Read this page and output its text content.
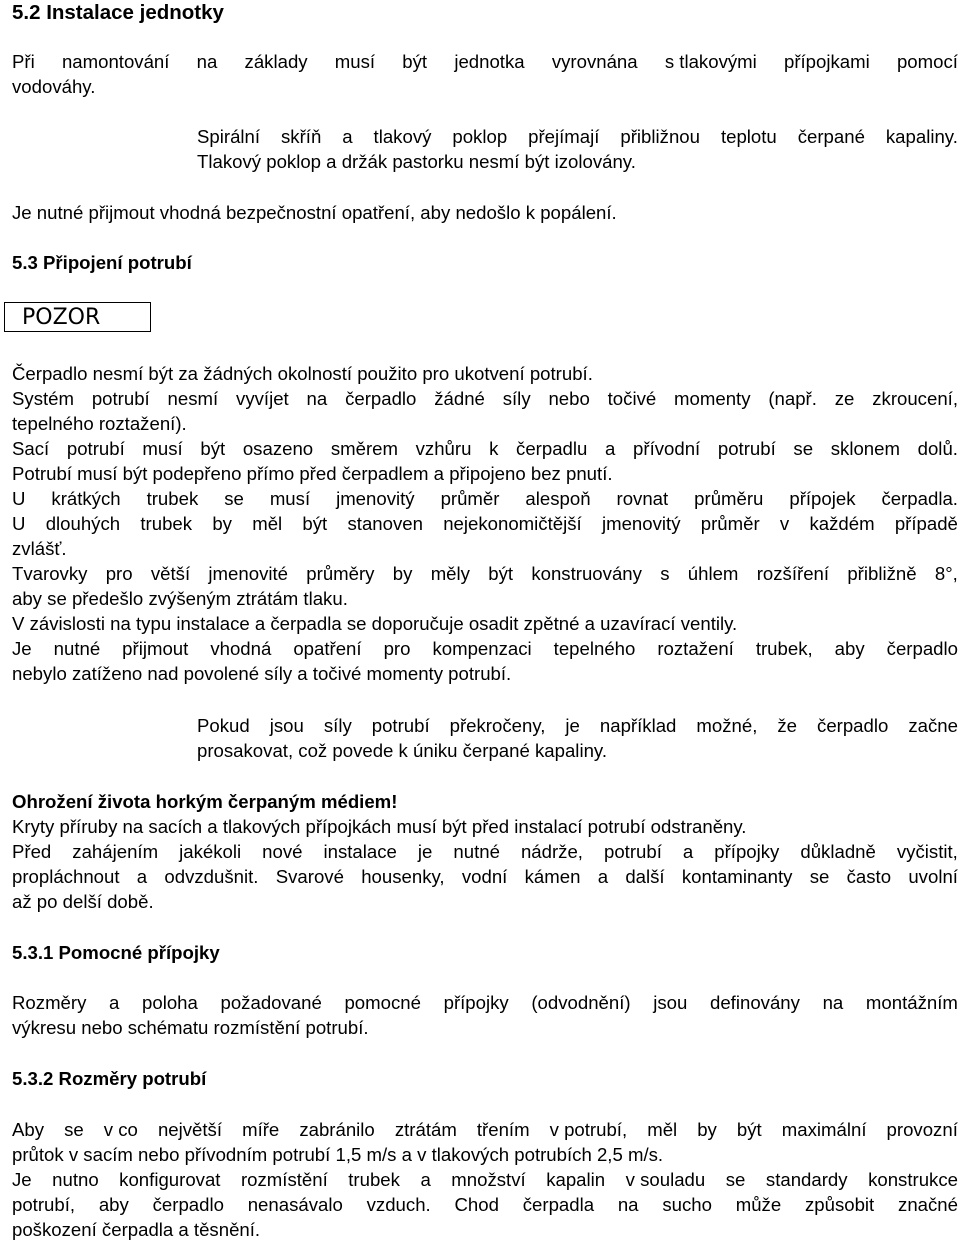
5.2 Instalace jednotky
Při namontování na základy musí být jednotka vyrovnána s tlakovými přípojkami pomocí
vodováhy.
Spirální skříň a tlakový poklop přejímají přibližnou teplotu čerpané kapaliny.
Tlakový poklop a držák pastorku nesmí být izolovány.
Je nutné přijmout vhodná bezpečnostní opatření, aby nedošlo k popálení.
5.3 Připojení potrubí
POZOR
Čerpadlo nesmí být za žádných okolností použito pro ukotvení potrubí.
Systém potrubí nesmí vyvíjet na čerpadlo žádné síly nebo točivé momenty (např. ze zkroucení,
tepelného roztažení).
Sací potrubí musí být osazeno směrem vzhůru k čerpadlu a přívodní potrubí se sklonem dolů.
Potrubí musí být podepřeno přímo před čerpadlem a připojeno bez pnutí.
U krátkých trubek se musí jmenovitý průměr alespoň rovnat průměru přípojek čerpadla.
U dlouhých trubek by měl být stanoven nejekonomičtější jmenovitý průměr v každém případě
zvlášť.
Tvarovky pro větší jmenovité průměry by měly být konstruovány s úhlem rozšíření přibližně 8°,
aby se předešlo zvýšeným ztrátám tlaku.
V závislosti na typu instalace a čerpadla se doporučuje osadit zpětné a uzavírací ventily.
Je nutné přijmout vhodná opatření pro kompenzaci tepelného roztažení trubek, aby čerpadlo
nebylo zatíženo nad povolené síly a točivé momenty potrubí.
Pokud jsou síly potrubí překročeny, je například možné, že čerpadlo začne
prosakovat, což povede k úniku čerpané kapaliny.
Ohrožení života horkým čerpaným médiem!
Kryty příruby na sacích a tlakových přípojkách musí být před instalací potrubí odstraněny.
Před zahájením jakékoli nové instalace je nutné nádrže, potrubí a přípojky důkladně vyčistit,
propláchnout a odvzdušnit. Svarové housenky, vodní kámen a další kontaminanty se často uvolní
až po delší době.
5.3.1 Pomocné přípojky
Rozměry a poloha požadované pomocné přípojky (odvodnění) jsou definovány na montážním
výkresu nebo schématu rozmístění potrubí.
5.3.2 Rozměry potrubí
Aby se v co největší míře zabránilo ztrátám třením v potrubí, měl by být maximální provozní
průtok v sacím nebo přívodním potrubí 1,5 m/s a v tlakových potrubích 2,5 m/s.
Je nutno konfigurovat rozmístění trubek a množství kapalin v souladu se standardy konstrukce
potrubí, aby čerpadlo nenasávalo vzduch. Chod čerpadla na sucho může způsobit značné
poškození čerpadla a těsnění.
